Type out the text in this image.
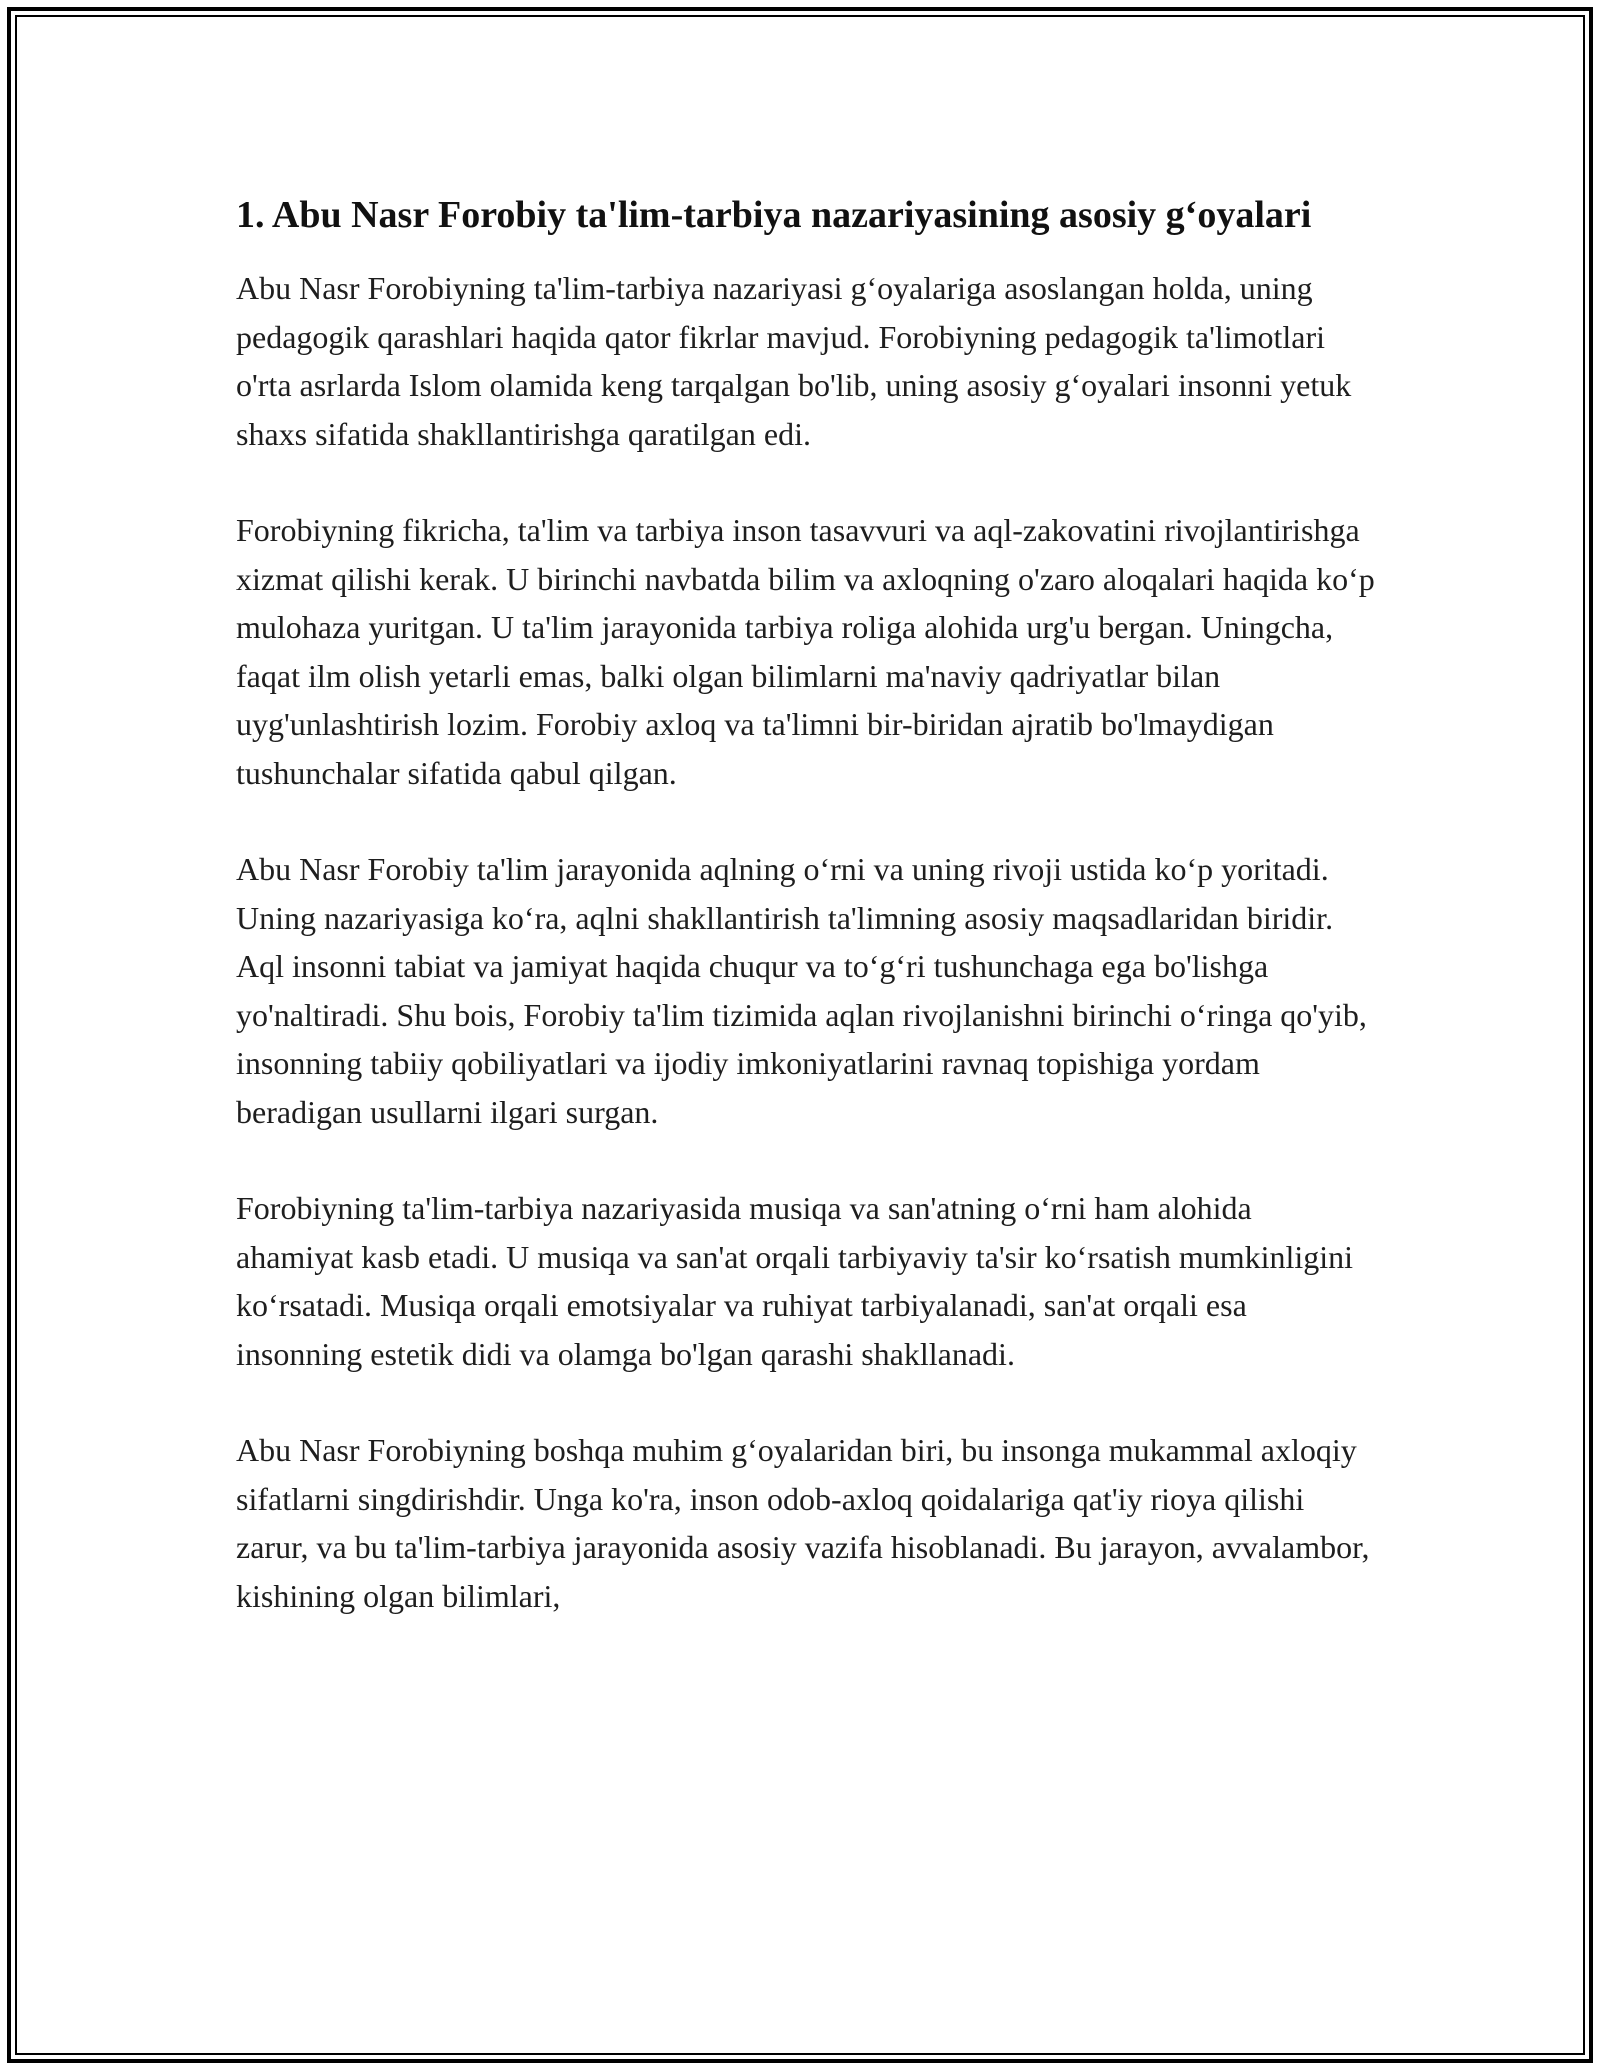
1. Abu Nasr Forobiy ta'lim-tarbiya nazariyasining asosiy g‘oyalari

Abu Nasr Forobiyning ta'lim-tarbiya nazariyasi g‘oyalariga asoslangan holda, uning pedagogik qarashlari haqida qator fikrlar mavjud. Forobiyning pedagogik ta'limotlari o'rta asrlarda Islom olamida keng tarqalgan bo'lib, uning asosiy g‘oyalari insonni yetuk shaxs sifatida shakllantirishga qaratilgan edi.

Forobiyning fikricha, ta'lim va tarbiya inson tasavvuri va aql-zakovatini rivojlantirishga xizmat qilishi kerak. U birinchi navbatda bilim va axloqning o'zaro aloqalari haqida ko‘p mulohaza yuritgan. U ta'lim jarayonida tarbiya roliga alohida urg'u bergan. Uningcha, faqat ilm olish yetarli emas, balki olgan bilimlarni ma'naviy qadriyatlar bilan uyg'unlashtirish lozim. Forobiy axloq va ta'limni bir-biridan ajratib bo'lmaydigan tushunchalar sifatida qabul qilgan.

Abu Nasr Forobiy ta'lim jarayonida aqlning o‘rni va uning rivoji ustida ko‘p yoritadi. Uning nazariyasiga ko‘ra, aqlni shakllantirish ta'limning asosiy maqsadlaridan biridir. Aql insonni tabiat va jamiyat haqida chuqur va to‘g‘ri tushunchaga ega bo'lishga yo'naltiradi. Shu bois, Forobiy ta'lim tizimida aqlan rivojlanishni birinchi o‘ringa qo'yib, insonning tabiiy qobiliyatlari va ijodiy imkoniyatlarini ravnaq topishiga yordam beradigan usullarni ilgari surgan.

Forobiyning ta'lim-tarbiya nazariyasida musiqa va san'atning o‘rni ham alohida ahamiyat kasb etadi. U musiqa va san'at orqali tarbiyaviy ta'sir ko‘rsatish mumkinligini ko‘rsatadi. Musiqa orqali emotsiyalar va ruhiyat tarbiyalanadi, san'at orqali esa insonning estetik didi va olamga bo'lgan qarashi shakllanadi.

Abu Nasr Forobiyning boshqa muhim g‘oyalaridan biri, bu insonga mukammal axloqiy sifatlarni singdirishdir. Unga ko'ra, inson odob-axloq qoidalariga qat'iy rioya qilishi zarur, va bu ta'lim-tarbiya jarayonida asosiy vazifa hisoblanadi. Bu jarayon, avvalambor, kishining olgan bilimlari,
